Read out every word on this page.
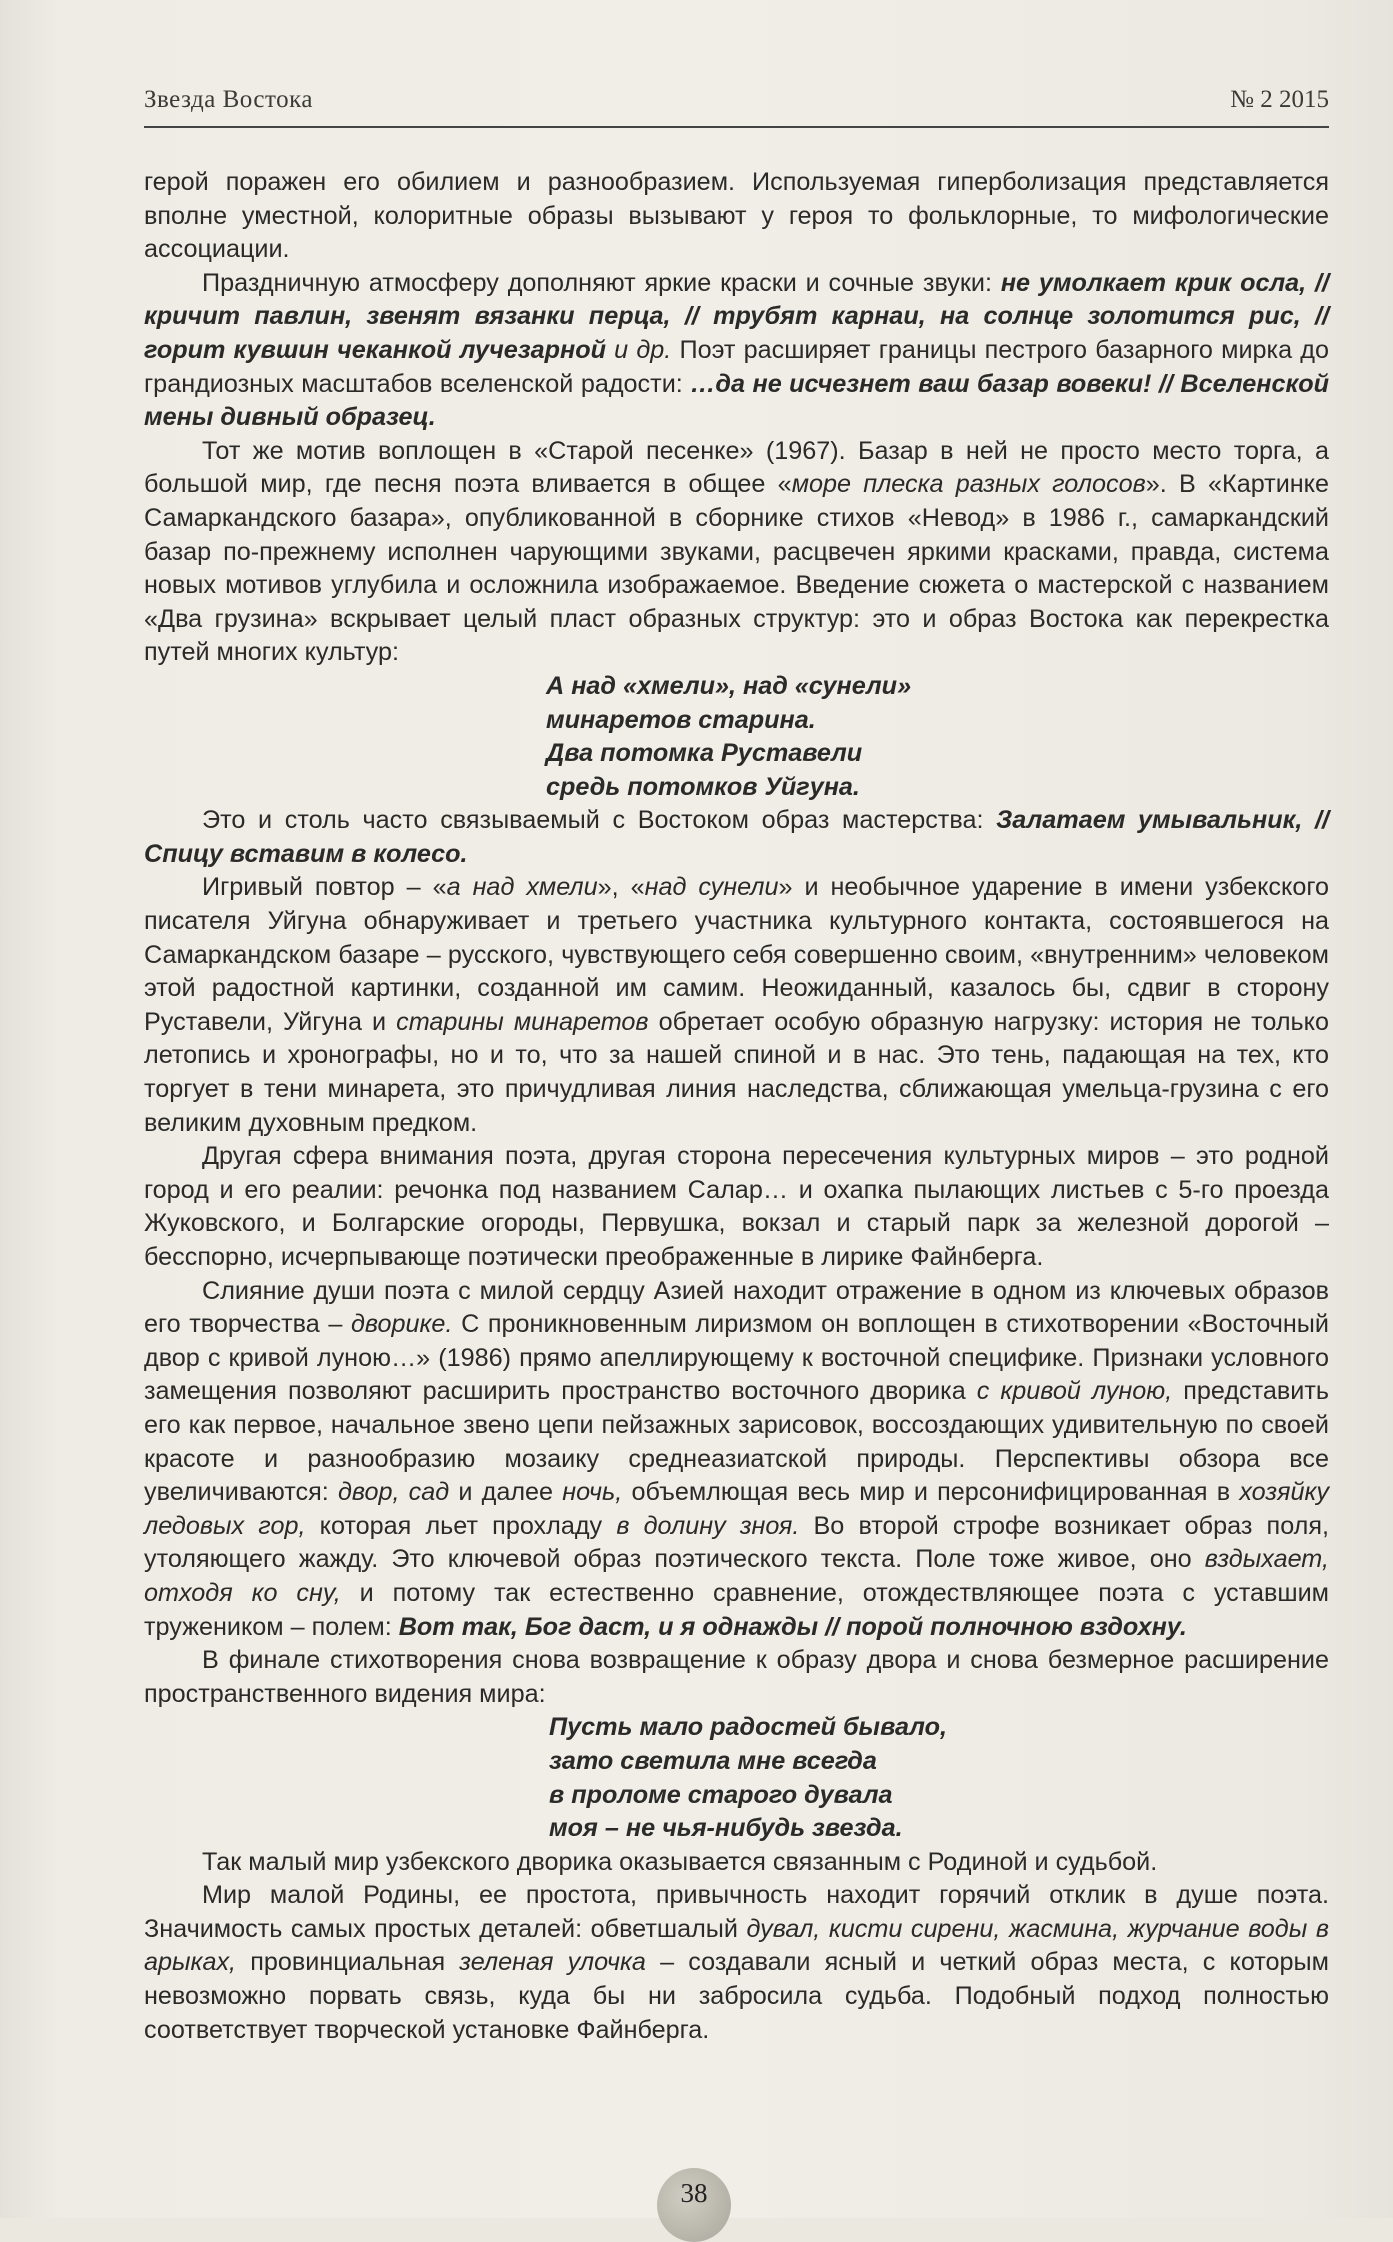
Звезда Востока	№ 2 2015

герой поражен его обилием и разнообразием. Используемая гиперболизация представляется вполне уместной, колоритные образы вызывают у героя то фольклорные, то мифологические ассоциации.

Праздничную атмосферу дополняют яркие краски и сочные звуки: не умолкает крик осла, // кричит павлин, звенят вязанки перца, // трубят карнаи, на солнце золотится рис, // горит кувшин чеканкой лучезарной и др. Поэт расширяет границы пестрого базарного мирка до грандиозных масштабов вселенской радости: …да не исчезнет ваш базар вовеки! // Вселенской мены дивный образец.

Тот же мотив воплощен в «Старой песенке» (1967). Базар в ней не просто место торга, а большой мир, где песня поэта вливается в общее «море плеска разных голосов». В «Картинке Самаркандского базара», опубликованной в сборнике стихов «Невод» в 1986 г., самаркандский базар по-прежнему исполнен чарующими звуками, расцвечен яркими красками, правда, система новых мотивов углубила и осложнила изображаемое. Введение сюжета о мастерской с названием «Два грузина» вскрывает целый пласт образных структур: это и образ Востока как перекрестка путей многих культур:

А над «хмели», над «сунели»
минаретов старина.
Два потомка Руставели
средь потомков Уйгуна.

Это и столь часто связываемый с Востоком образ мастерства: Залатаем умывальник, // Спицу вставим в колесо.

Игривый повтор – «а над хмели», «над сунели» и необычное ударение в имени узбекского писателя Уйгуна обнаруживает и третьего участника культурного контакта, состоявшегося на Самаркандском базаре – русского, чувствующего себя совершенно своим, «внутренним» человеком этой радостной картинки, созданной им самим. Неожиданный, казалось бы, сдвиг в сторону Руставели, Уйгуна и старины минаретов обретает особую образную нагрузку: история не только летопись и хронографы, но и то, что за нашей спиной и в нас. Это тень, падающая на тех, кто торгует в тени минарета, это причудливая линия наследства, сближающая умельца-грузина с его великим духовным предком.

Другая сфера внимания поэта, другая сторона пересечения культурных миров – это родной город и его реалии: речонка под названием Салар… и охапка пылающих листьев с 5-го проезда Жуковского, и Болгарские огороды, Первушка, вокзал и старый парк за железной дорогой – бесспорно, исчерпывающе поэтически преображенные в лирике Файнберга.

Слияние души поэта с милой сердцу Азией находит отражение в одном из ключевых образов его творчества – дворике. С проникновенным лиризмом он воплощен в стихотворении «Восточный двор с кривой луною…» (1986) прямо апеллирующему к восточной специфике. Признаки условного замещения позволяют расширить пространство восточного дворика с кривой луною, представить его как первое, начальное звено цепи пейзажных зарисовок, воссоздающих удивительную по своей красоте и разнообразию мозаику среднеазиатской природы. Перспективы обзора все увеличиваются: двор, сад и далее ночь, объемлющая весь мир и персонифицированная в хозяйку ледовых гор, которая льет прохладу в долину зноя. Во второй строфе возникает образ поля, утоляющего жажду. Это ключевой образ поэтического текста. Поле тоже живое, оно вздыхает, отходя ко сну, и потому так естественно сравнение, отождествляющее поэта с уставшим тружеником – полем: Вот так, Бог даст, и я однажды // порой полночною вздохну.

В финале стихотворения снова возвращение к образу двора и снова безмерное расширение пространственного видения мира:

Пусть мало радостей бывало,
зато светила мне всегда
в проломе старого дувала
моя – не чья-нибудь звезда.

Так малый мир узбекского дворика оказывается связанным с Родиной и судьбой.

Мир малой Родины, ее простота, привычность находит горячий отклик в душе поэта. Значимость самых простых деталей: обветшалый дувал, кисти сирени, жасмина, журчание воды в арыках, провинциальная зеленая улочка – создавали ясный и четкий образ места, с которым невозможно порвать связь, куда бы ни забросила судьба. Подобный подход полностью соответствует творческой установке Файнберга.

38
